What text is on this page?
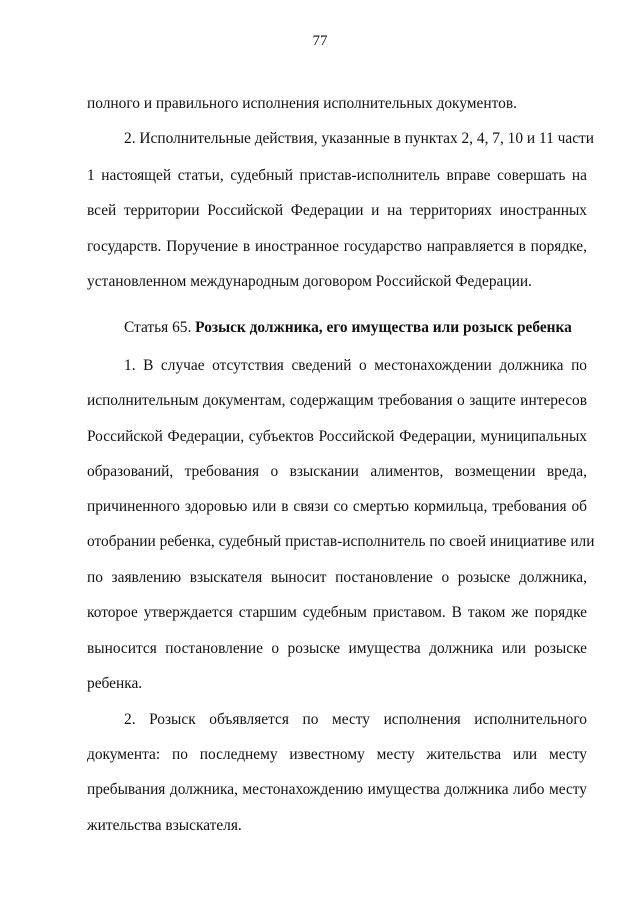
77
полного и правильного исполнения исполнительных документов.
2. Исполнительные действия, указанные в пунктах 2, 4, 7, 10 и 11 части
1 настоящей статьи, судебный пристав-исполнитель вправе совершать на
всей территории Российской Федерации и на территориях иностранных
государств. Поручение в иностранное государство направляется в порядке,
установленном международным договором Российской Федерации.
Статья 65. Розыск должника, его имущества или розыск ребенка
1. В случае отсутствия сведений о местонахождении должника по
исполнительным документам, содержащим требования о защите интересов
Российской Федерации, субъектов Российской Федерации, муниципальных
образований, требования о взыскании алиментов, возмещении вреда,
причиненного здоровью или в связи со смертью кормильца, требования об
отобрании ребенка, судебный пристав-исполнитель по своей инициативе или
по заявлению взыскателя выносит постановление о розыске должника,
которое утверждается старшим судебным приставом. В таком же порядке
выносится постановление о розыске имущества должника или розыске
ребенка.
2. Розыск объявляется по месту исполнения исполнительного
документа: по последнему известному месту жительства или месту
пребывания должника, местонахождению имущества должника либо месту
жительства взыскателя.
